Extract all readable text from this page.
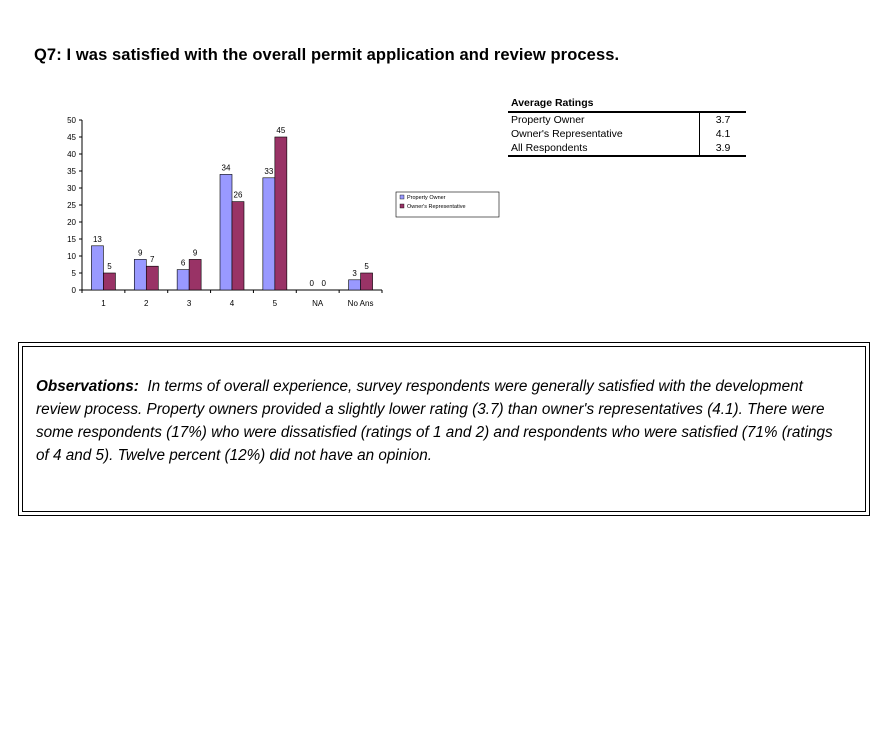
Q7: I was satisfied with the overall permit application and review process.
0
5
10
15
20
25
30
35
40
45
50
1
13
5
2
9
7
3
6
9
4
34
26
5
33
45
NA
0 0
No Ans
3
5
Property Owner
Owner's Representative
Average Ratings
Property Owner	3.7
Owner's Representative	4.1
All Respondents	3.9
Observations: In terms of overall experience, survey respondents were generally satisfied with the development review process. Property owners provided a slightly lower rating (3.7) than owner's representatives (4.1). There were some respondents (17%) who were dissatisfied (ratings of 1 and 2) and respondents who were satisfied (71% (ratings of 4 and 5). Twelve percent (12%) did not have an opinion.
